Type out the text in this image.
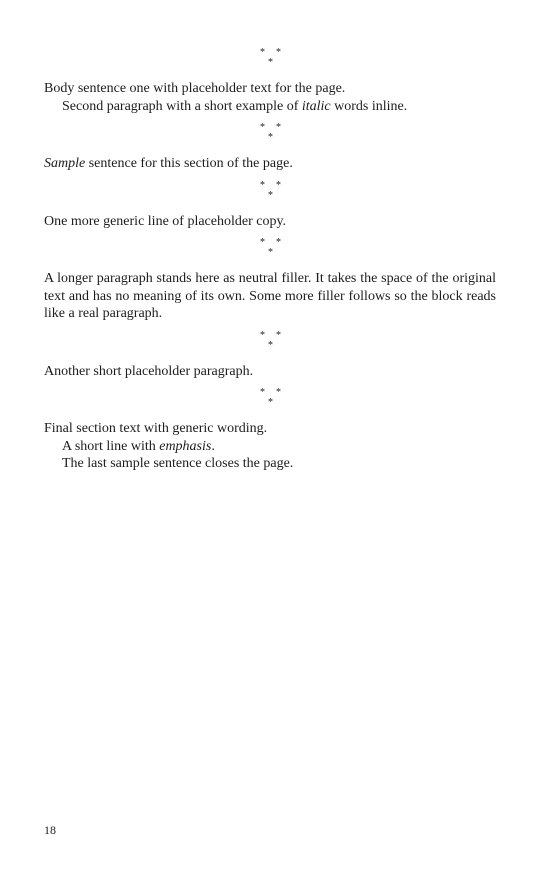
* *
*

Body sentence one with placeholder text for the page.

Second paragraph with a short example of italic words inline.

* *
*

Sample sentence for this section of the page.

* *
*

One more generic line of placeholder copy.

* *
*

A longer paragraph stands here as neutral filler. It takes the space of the original text and has no meaning of its own. Some more filler follows so the block reads like a real paragraph.

* *
*

Another short placeholder paragraph.

* *
*

Final section text with generic wording.

A short line with emphasis.

The last sample sentence closes the page.

18
